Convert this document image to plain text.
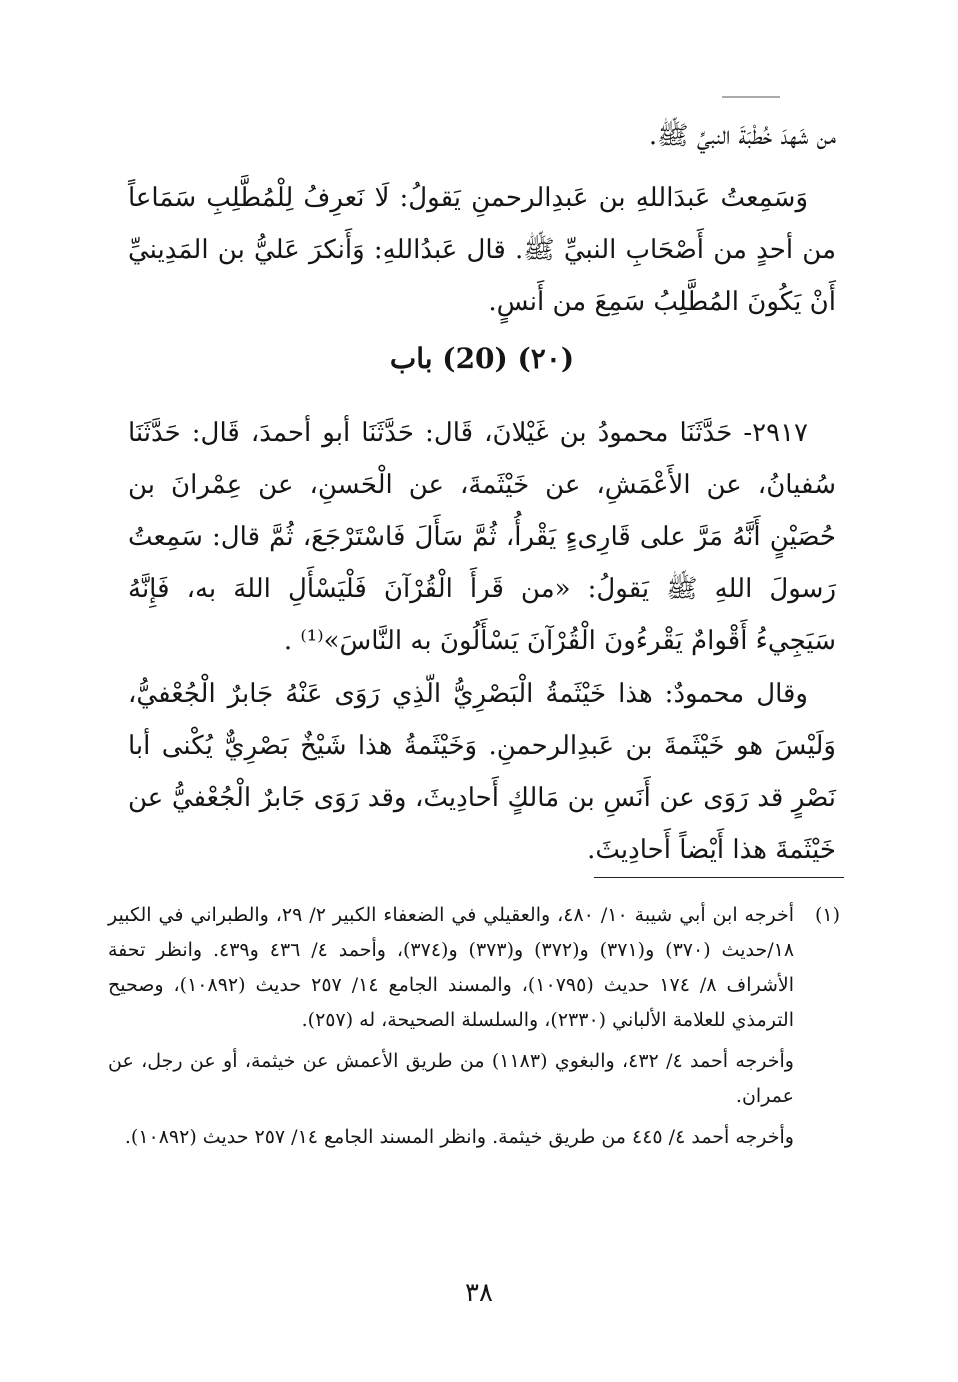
من شَهدَ خُطْبَةَ النبيِّ ﷺ.

وَسَمِعتُ عَبدَاللهِ بن عَبدِالرحمنِ يَقولُ: لَا نَعرِفُ لِلْمُطَّلِبِ سَمَاعاً من أحدٍ من أَصْحَابِ النبيِّ ﷺ. قال عَبدُاللهِ: وَأَنكرَ عَليُّ بن المَدِينيِّ أَنْ يَكُونَ المُطَّلِبُ سَمِعَ من أَنسٍ.

(٢٠) (20) باب

٢٩١٧- حَدَّثَنَا محمودُ بن غَيْلانَ، قَال: حَدَّثَنَا أبو أحمدَ، قَال: حَدَّثَنَا سُفيانُ، عن الأَعْمَشِ، عن خَيْثَمةَ، عن الْحَسنِ، عن عِمْرانَ بن حُصَيْنٍ أَنَّهُ مَرَّ على قَارِىءٍ يَقْرأُ، ثُمَّ سَأَلَ فَاسْتَرْجَعَ، ثُمَّ قال: سَمِعتُ رَسولَ اللهِ ﷺ يَقولُ: «من قَرأَ الْقُرْآنَ فَلْيَسْأَلِ اللهَ به، فَإِنَّهُ سَيَجِيءُ أَقْوامٌ يَقْرءُونَ الْقُرْآنَ يَسْأَلُونَ به النَّاسَ»⁽¹⁾ .

وقال محمودٌ: هذا خَيْثَمةُ الْبَصْرِيُّ الّذِي رَوَى عَنْهُ جَابرٌ الْجُعْفيُّ، وَلَيْسَ هو خَيْثَمةَ بن عَبدِالرحمنِ. وَخَيْثَمةُ هذا شَيْخٌ بَصْرِيٌّ يُكْنى أبا نَصْرٍ قد رَوَى عن أَنَسِ بن مَالكٍ أَحادِيثَ، وقد رَوَى جَابرٌ الْجُعْفيُّ عن خَيْثَمةَ هذا أَيْضاً أَحادِيثَ.

(١)

أخرجه ابن أبي شيبة ١٠/ ٤٨٠، والعقيلي في الضعفاء الكبير ٢/ ٢٩، والطبراني في الكبير ١٨/حديث (٣٧٠) و(٣٧١) و(٣٧٢) و(٣٧٣) و(٣٧٤)، وأحمد ٤/ ٤٣٦ و٤٣٩. وانظر تحفة الأشراف ٨/ ١٧٤ حديث (١٠٧٩٥)، والمسند الجامع ١٤/ ٢٥٧ حديث (١٠٨٩٢)، وصحيح الترمذي للعلامة الألباني (٢٣٣٠)، والسلسلة الصحيحة، له (٢٥٧).

وأخرجه أحمد ٤/ ٤٣٢، والبغوي (١١٨٣) من طريق الأعمش عن خيثمة، أو عن رجل، عن عمران.

وأخرجه أحمد ٤/ ٤٤٥ من طريق خيثمة. وانظر المسند الجامع ١٤/ ٢٥٧ حديث (١٠٨٩٢).

٣٨
